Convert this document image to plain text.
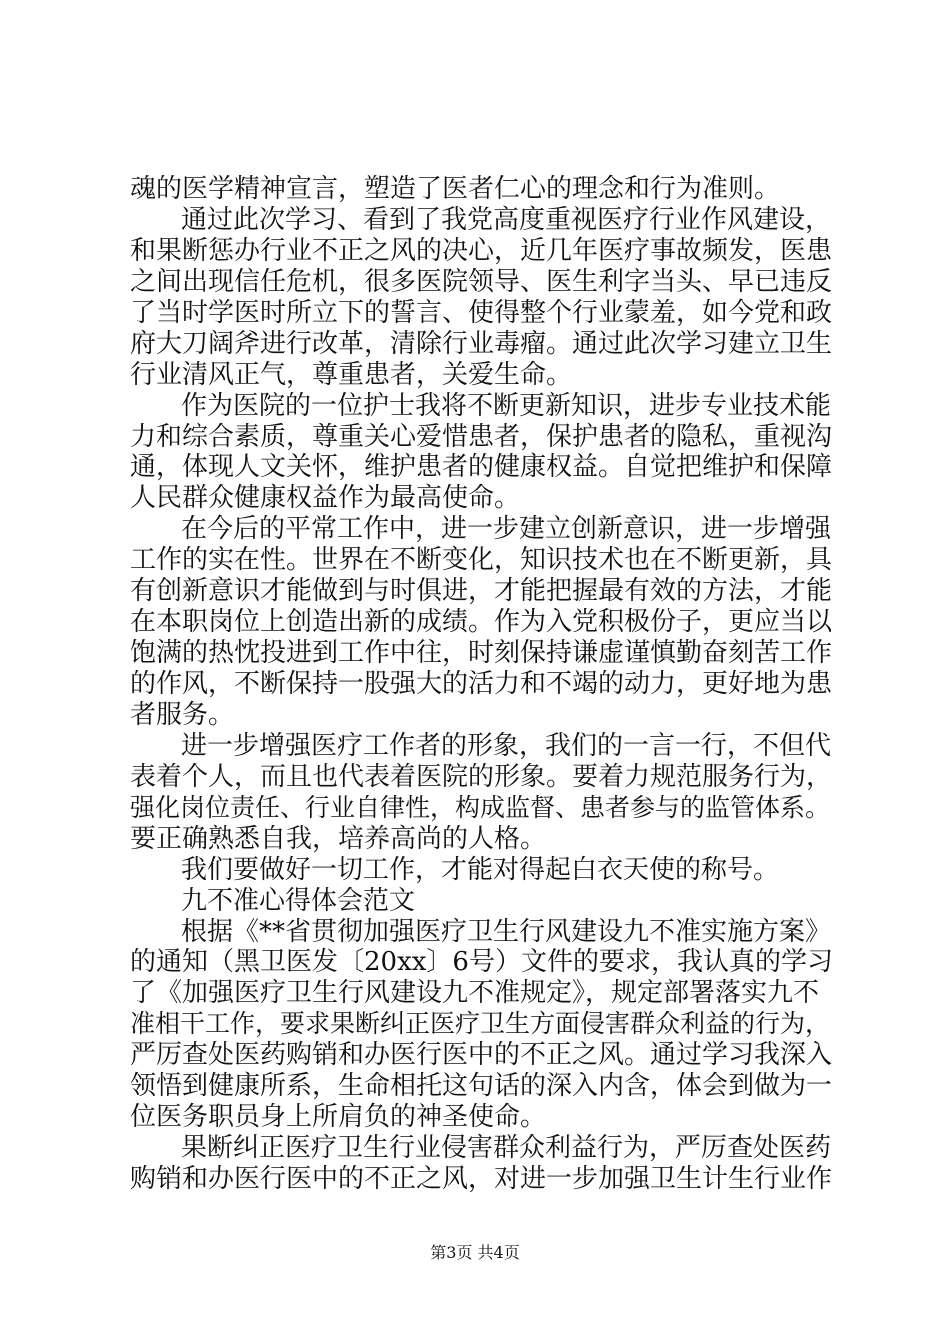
魂的医学精神宣言，塑造了医者仁心的理念和行为准则。
通过此次学习、看到了我党高度重视医疗行业作风建设，
和果断惩办行业不正之风的决心，近几年医疗事故频发，医患
之间出现信任危机，很多医院领导、医生利字当头、早已违反
了当时学医时所立下的誓言、使得整个行业蒙羞，如今党和政
府大刀阔斧进行改革，清除行业毒瘤。通过此次学习建立卫生
行业清风正气，尊重患者，关爱生命。
作为医院的一位护士我将不断更新知识，进步专业技术能
力和综合素质，尊重关心爱惜患者，保护患者的隐私，重视沟
通，体现人文关怀，维护患者的健康权益。自觉把维护和保障
人民群众健康权益作为最高使命。
在今后的平常工作中，进一步建立创新意识，进一步增强
工作的实在性。世界在不断变化，知识技术也在不断更新，具
有创新意识才能做到与时俱进，才能把握最有效的方法，才能
在本职岗位上创造出新的成绩。作为入党积极份子，更应当以
饱满的热忱投进到工作中往，时刻保持谦虚谨慎勤奋刻苦工作
的作风，不断保持一股强大的活力和不竭的动力，更好地为患
者服务。
进一步增强医疗工作者的形象，我们的一言一行，不但代
表着个人，而且也代表着医院的形象。要着力规范服务行为，
强化岗位责任、行业自律性，构成监督、患者参与的监管体系。
要正确熟悉自我，培养高尚的人格。
我们要做好一切工作，才能对得起白衣天使的称号。
九不准心得体会范文
根据《**省贯彻加强医疗卫生行风建设九不准实施方案》
的通知（黑卫医发〔20xx〕6号）文件的要求，我认真的学习
了《加强医疗卫生行风建设九不准规定》，规定部署落实九不
准相干工作，要求果断纠正医疗卫生方面侵害群众利益的行为，
严厉查处医药购销和办医行医中的不正之风。通过学习我深入
领悟到健康所系，生命相托这句话的深入内含，体会到做为一
位医务职员身上所肩负的神圣使命。
果断纠正医疗卫生行业侵害群众利益行为，严厉查处医药
购销和办医行医中的不正之风，对进一步加强卫生计生行业作
第3页 共4页
